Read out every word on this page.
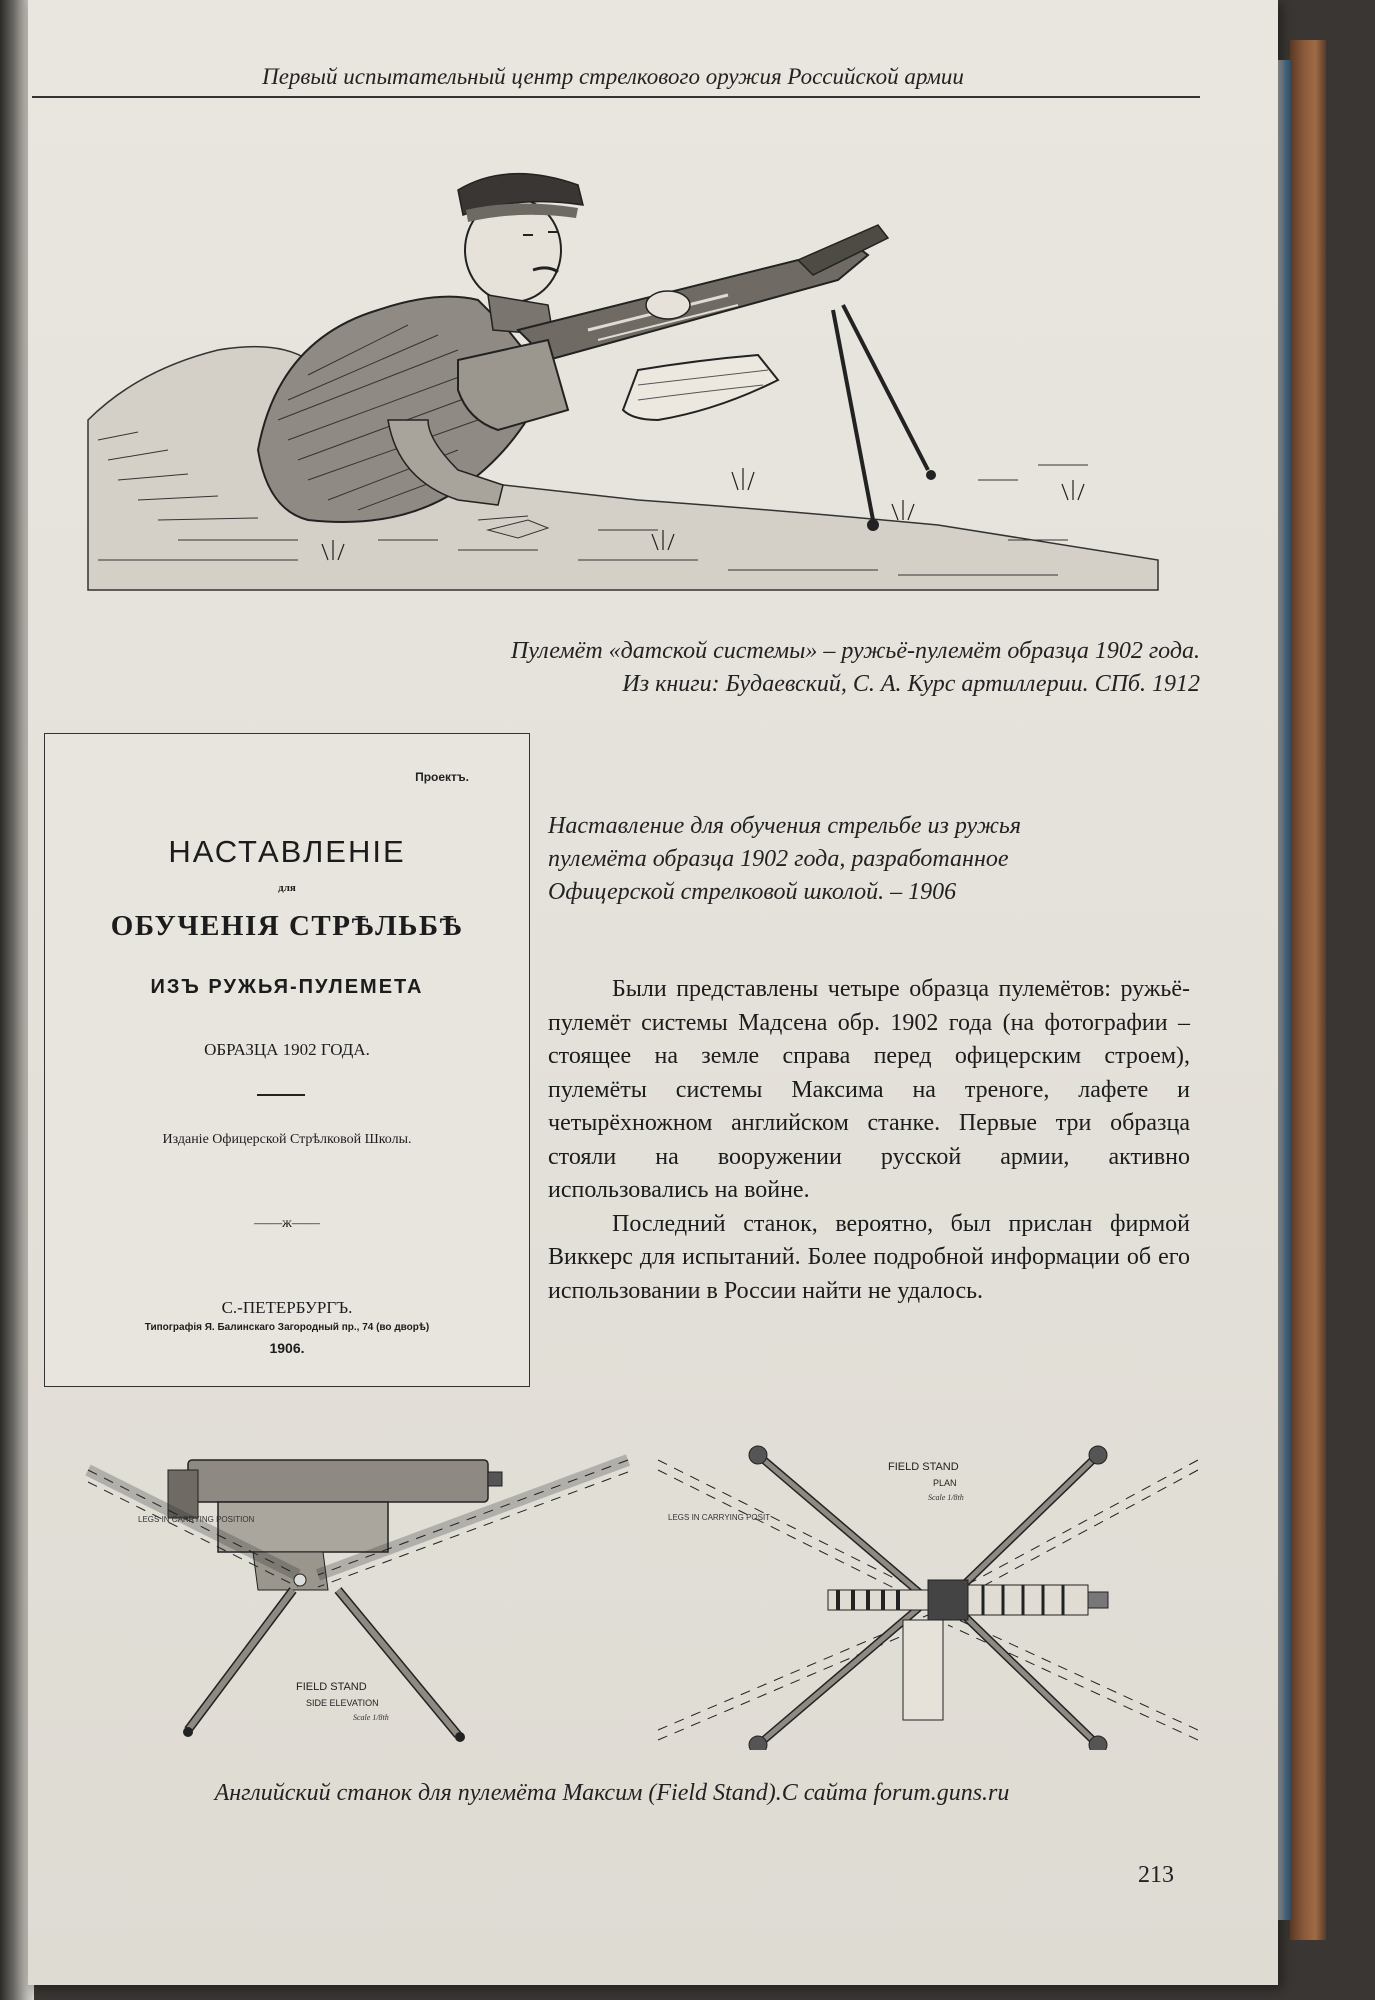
Первый испытательный центр стрелкового оружия Российской армии
Пулемёт «датской системы» – ружьё-пулемёт образца 1902 года.
Из книги: Будаевский, С. А. Курс артиллерии. СПб. 1912
Проектъ.
НАСТАВЛЕНІЕ
для
ОБУЧЕНІЯ СТРѢЛЬБѢ
ИЗЪ РУЖЬЯ-ПУЛЕМЕТА
ОБРАЗЦА 1902 ГОДА.
Изданіе Офицерской Стрѣлковой Школы.
——ж——
С.-ПЕТЕРБУРГЪ.
Типографія Я. Балинскаго Загородный пр., 74 (во дворѣ)
1906.
Наставление для обучения стрельбе из ружья
пулемёта образца 1902 года, разработанное
Офицерской стрелковой школой. – 1906

Были представлены четыре образца пулемётов: ружьё-пулемёт системы Мадсена обр. 1902 года (на фотографии – стоящее на земле справа перед офицерским строем), пулемёты системы Максима на треноге, лафете и четырёхножном английском станке. Первые три образца стояли на вооружении русской армии, активно использовались на войне.

Последний станок, вероятно, был прислан фирмой Виккерс для испытаний. Более подробной информации об его использовании в России найти не удалось.

LEGS IN CARRYING POSITION
FIELD STAND
SIDE ELEVATION
Scale 1/8th
LEGS IN CARRYING POSIT
FIELD STAND
PLAN
Scale 1/8th
Английский станок для пулемёта Максим (Field Stand).С сайта forum.guns.ru
213
